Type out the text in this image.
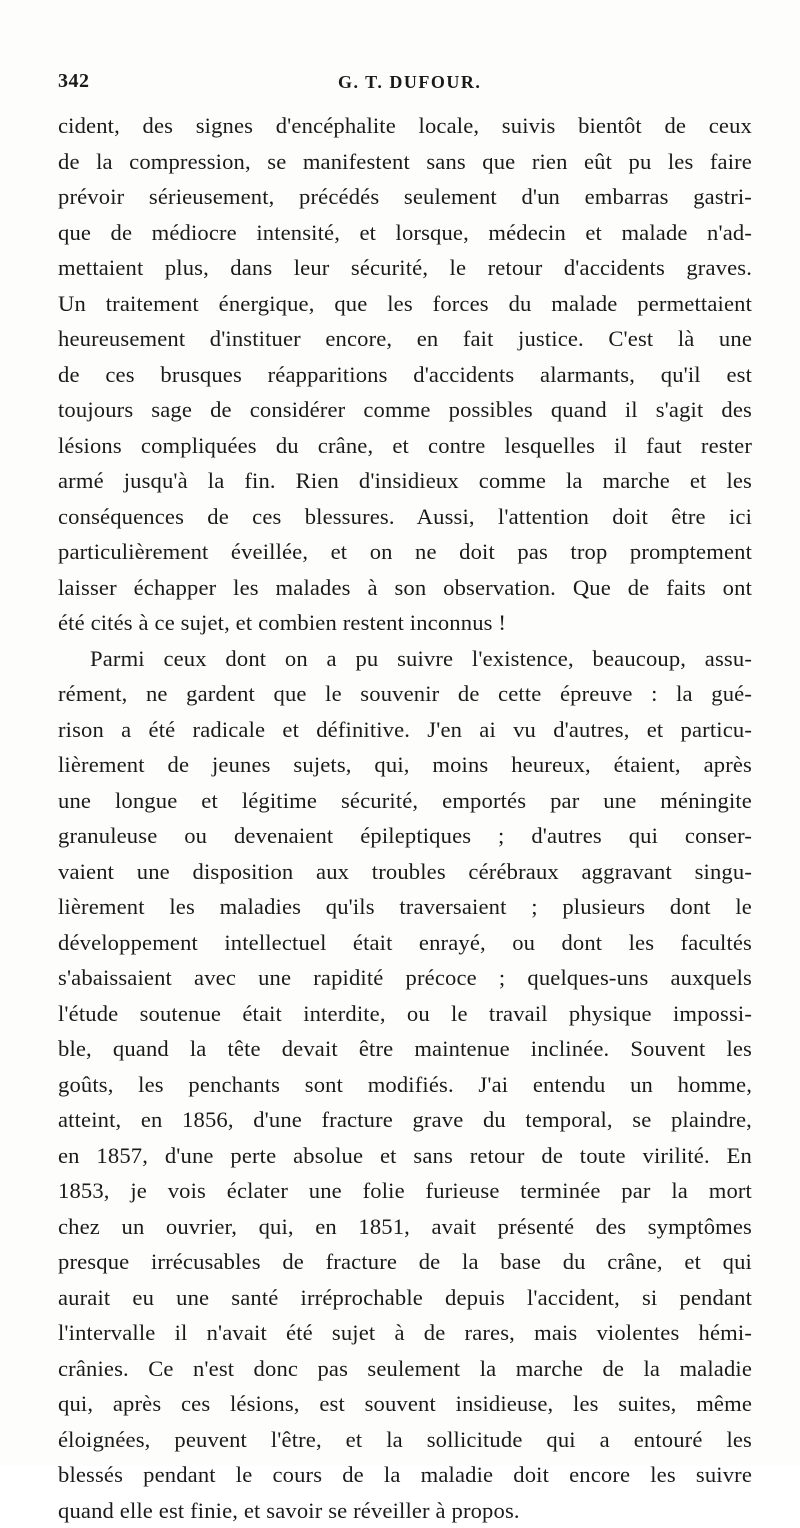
342	G. T. DUFOUR.
cident, des signes d'encéphalite locale, suivis bientôt de ceux
de la compression, se manifestent sans que rien eût pu les faire
prévoir sérieusement, précédés seulement d'un embarras gastri-
que de médiocre intensité, et lorsque, médecin et malade n'ad-
mettaient plus, dans leur sécurité, le retour d'accidents graves.
Un traitement énergique, que les forces du malade permettaient
heureusement d'instituer encore, en fait justice. C'est là une
de ces brusques réapparitions d'accidents alarmants, qu'il est
toujours sage de considérer comme possibles quand il s'agit des
lésions compliquées du crâne, et contre lesquelles il faut rester
armé jusqu'à la fin. Rien d'insidieux comme la marche et les
conséquences de ces blessures. Aussi, l'attention doit être ici
particulièrement éveillée, et on ne doit pas trop promptement
laisser échapper les malades à son observation. Que de faits ont
été cités à ce sujet, et combien restent inconnus !
Parmi ceux dont on a pu suivre l'existence, beaucoup, assu-
rément, ne gardent que le souvenir de cette épreuve : la gué-
rison a été radicale et définitive. J'en ai vu d'autres, et particu-
lièrement de jeunes sujets, qui, moins heureux, étaient, après
une longue et légitime sécurité, emportés par une méningite
granuleuse ou devenaient épileptiques ; d'autres qui conser-
vaient une disposition aux troubles cérébraux aggravant singu-
lièrement les maladies qu'ils traversaient ; plusieurs dont le
développement intellectuel était enrayé, ou dont les facultés
s'abaissaient avec une rapidité précoce ; quelques-uns auxquels
l'étude soutenue était interdite, ou le travail physique impossi-
ble, quand la tête devait être maintenue inclinée. Souvent les
goûts, les penchants sont modifiés. J'ai entendu un homme,
atteint, en 1856, d'une fracture grave du temporal, se plaindre,
en 1857, d'une perte absolue et sans retour de toute virilité. En
1853, je vois éclater une folie furieuse terminée par la mort
chez un ouvrier, qui, en 1851, avait présenté des symptômes
presque irrécusables de fracture de la base du crâne, et qui
aurait eu une santé irréprochable depuis l'accident, si pendant
l'intervalle il n'avait été sujet à de rares, mais violentes hémi-
crânies. Ce n'est donc pas seulement la marche de la maladie
qui, après ces lésions, est souvent insidieuse, les suites, même
éloignées, peuvent l'être, et la sollicitude qui a entouré les
blessés pendant le cours de la maladie doit encore les suivre
quand elle est finie, et savoir se réveiller à propos.
